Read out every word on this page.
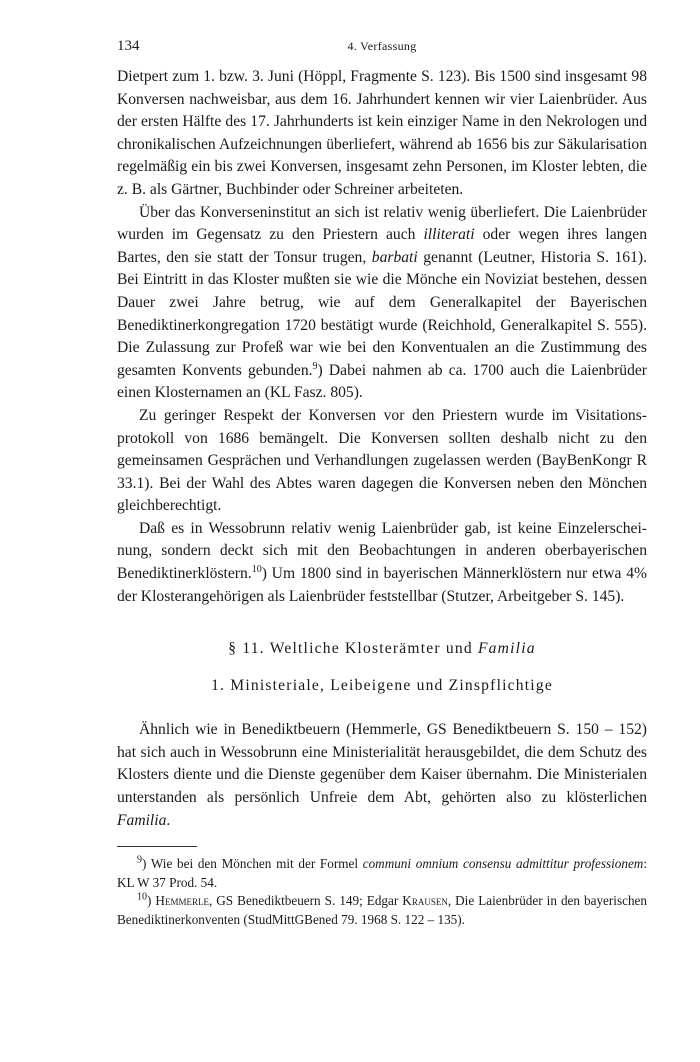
134	4. Verfassung

Dietpert zum 1. bzw. 3. Juni (Höppl, Fragmente S. 123). Bis 1500 sind insgesamt 98 Konversen nachweisbar, aus dem 16. Jahrhundert kennen wir vier Laienbrüder. Aus der ersten Hälfte des 17. Jahrhunderts ist kein einziger Name in den Nekrologen und chronikalischen Aufzeichnungen überliefert, während ab 1656 bis zur Säkularisation regelmäßig ein bis zwei Konversen, insgesamt zehn Personen, im Kloster lebten, die z. B. als Gärtner, Buchbinder oder Schreiner arbeiteten.

Über das Konverseninstitut an sich ist relativ wenig überliefert. Die Laienbrüder wurden im Gegensatz zu den Priestern auch illiterati oder wegen ihres langen Bartes, den sie statt der Tonsur trugen, barbati genannt (Leutner, Historia S. 161). Bei Eintritt in das Kloster mußten sie wie die Mönche ein Noviziat bestehen, dessen Dauer zwei Jahre betrug, wie auf dem Generalkapitel der Bayerischen Benediktinerkongregation 1720 bestätigt wurde (Reichhold, Generalkapitel S. 555). Die Zulassung zur Profeß war wie bei den Konventualen an die Zustimmung des gesamten Konvents gebunden.$^9$) Dabei nahmen ab ca. 1700 auch die Laienbrüder einen Klosternamen an (KL Fasz. 805).

Zu geringer Respekt der Konversen vor den Priestern wurde im Visitationsprotokoll von 1686 bemängelt. Die Konversen sollten deshalb nicht zu den gemeinsamen Gesprächen und Verhandlungen zugelassen werden (BayBenKongr R 33.1). Bei der Wahl des Abtes waren dagegen die Konversen neben den Mönchen gleichberechtigt.

Daß es in Wessobrunn relativ wenig Laienbrüder gab, ist keine Einzelerscheinung, sondern deckt sich mit den Beobachtungen in anderen oberbayerischen Benediktinerklöstern.$^{10}$) Um 1800 sind in bayerischen Männerklöstern nur etwa 4% der Klosterangehörigen als Laienbrüder feststellbar (Stutzer, Arbeitgeber S. 145).

§ 11. Weltliche Klosterämter und Familia
1. Ministeriale, Leibeigene und Zinspflichtige

Ähnlich wie in Benediktbeuern (Hemmerle, GS Benediktbeuern S. 150 – 152) hat sich auch in Wessobrunn eine Ministerialität herausgebildet, die dem Schutz des Klosters diente und die Dienste gegenüber dem Kaiser übernahm. Die Ministerialen unterstanden als persönlich Unfreie dem Abt, gehörten also zu klösterlichen Familia.

$^9$) Wie bei den Mönchen mit der Formel communi omnium consensu admittitur professionem: KL W 37 Prod. 54.

$^{10}$) Hemmerle, GS Benediktbeuern S. 149; Edgar Krausen, Die Laienbrüder in den bayerischen Benediktinerkonventen (StudMittGBened 79. 1968 S. 122 – 135).
